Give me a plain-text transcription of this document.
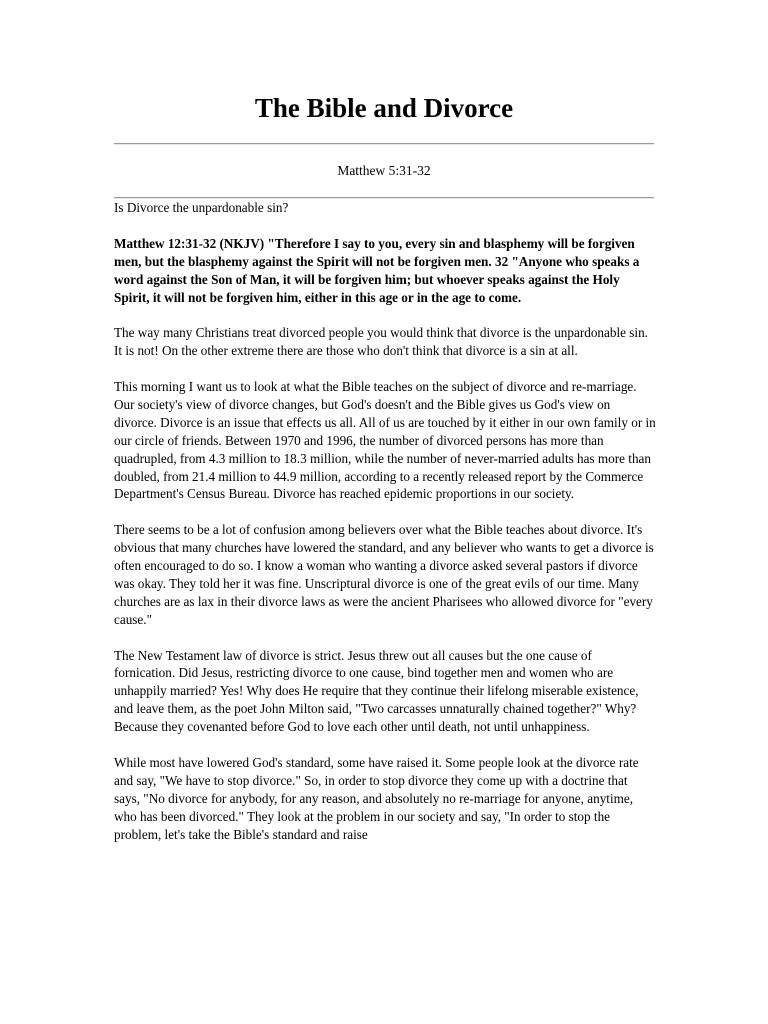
The Bible and Divorce
Matthew 5:31-32

Is Divorce the unpardonable sin?

Matthew 12:31-32 (NKJV) "Therefore I say to you, every sin and blasphemy will be forgiven men, but the blasphemy against the Spirit will not be forgiven men. 32 "Anyone who speaks a word against the Son of Man, it will be forgiven him; but whoever speaks against the Holy Spirit, it will not be forgiven him, either in this age or in the age to come.

The way many Christians treat divorced people you would think that divorce is the unpardonable sin. It is not! On the other extreme there are those who don't think that divorce is a sin at all.

This morning I want us to look at what the Bible teaches on the subject of divorce and re-marriage. Our society's view of divorce changes, but God's doesn't and the Bible gives us God's view on divorce. Divorce is an issue that effects us all. All of us are touched by it either in our own family or in our circle of friends. Between 1970 and 1996, the number of divorced persons has more than quadrupled, from 4.3 million to 18.3 million, while the number of never-married adults has more than doubled, from 21.4 million to 44.9 million, according to a recently released report by the Commerce Department's Census Bureau. Divorce has reached epidemic proportions in our society.

There seems to be a lot of confusion among believers over what the Bible teaches about divorce. It's obvious that many churches have lowered the standard, and any believer who wants to get a divorce is often encouraged to do so. I know a woman who wanting a divorce asked several pastors if divorce was okay. They told her it was fine. Unscriptural divorce is one of the great evils of our time. Many churches are as lax in their divorce laws as were the ancient Pharisees who allowed divorce for "every cause."

The New Testament law of divorce is strict. Jesus threw out all causes but the one cause of fornication. Did Jesus, restricting divorce to one cause, bind together men and women who are unhappily married? Yes! Why does He require that they continue their lifelong miserable existence, and leave them, as the poet John Milton said, "Two carcasses unnaturally chained together?" Why? Because they covenanted before God to love each other until death, not until unhappiness.

While most have lowered God's standard, some have raised it. Some people look at the divorce rate and say, "We have to stop divorce." So, in order to stop divorce they come up with a doctrine that says, "No divorce for anybody, for any reason, and absolutely no re-marriage for anyone, anytime, who has been divorced." They look at the problem in our society and say, "In order to stop the problem, let's take the Bible's standard and raise
